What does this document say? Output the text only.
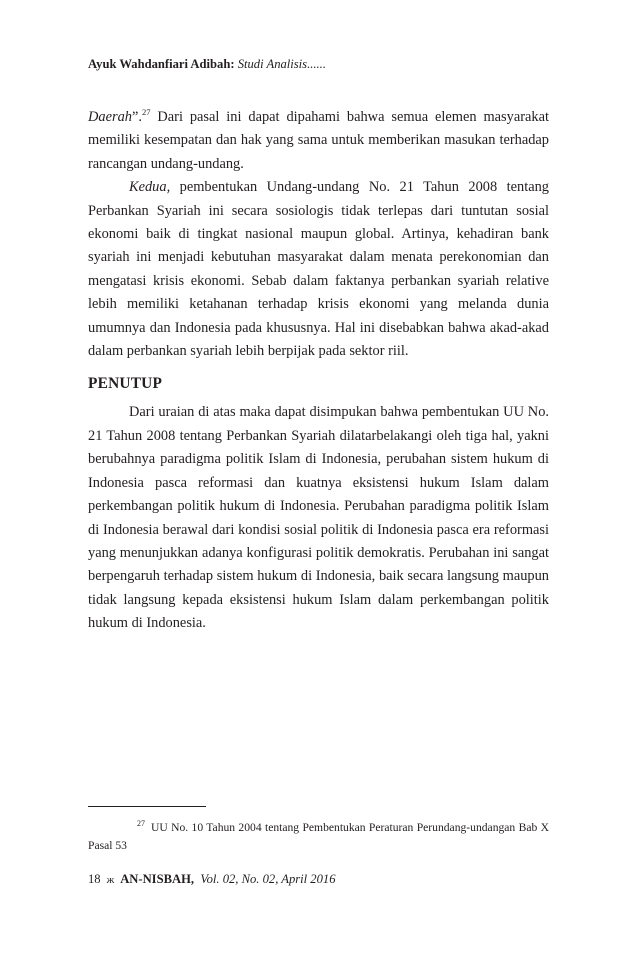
Ayuk Wahdanfiari Adibah: Studi Analisis......

Daerah”.$^{27}$ Dari pasal ini dapat dipahami bahwa semua elemen masyarakat memiliki kesempatan dan hak yang sama untuk memberikan masukan terhadap rancangan undang-undang.

Kedua, pembentukan Undang-undang No. 21 Tahun 2008 tentang Perbankan Syariah ini secara sosiologis tidak terlepas dari tuntutan sosial ekonomi baik di tingkat nasional maupun global. Artinya, kehadiran bank syariah ini menjadi kebutuhan masyarakat dalam menata perekonomian dan mengatasi krisis ekonomi. Sebab dalam faktanya perbankan syariah relative lebih memiliki ketahanan terhadap krisis ekonomi yang melanda dunia umumnya dan Indonesia pada khususnya. Hal ini disebabkan bahwa akad-akad dalam perbankan syariah lebih berpijak pada sektor riil.

PENUTUP

Dari uraian di atas maka dapat disimpukan bahwa pembentukan UU No. 21 Tahun 2008 tentang Perbankan Syariah dilatarbelakangi oleh tiga hal, yakni berubahnya paradigma politik Islam di Indonesia, perubahan sistem hukum di Indonesia pasca reformasi dan kuatnya eksistensi hukum Islam dalam perkembangan politik hukum di Indonesia. Perubahan paradigma politik Islam di Indonesia berawal dari kondisi sosial politik di Indonesia pasca era reformasi yang menunjukkan adanya konfigurasi politik demokratis. Perubahan ini sangat berpengaruh terhadap sistem hukum di Indonesia, baik secara langsung maupun tidak langsung kepada eksistensi hukum Islam dalam perkembangan politik hukum di Indonesia.

$^{27}$ UU No. 10 Tahun 2004 tentang Pembentukan Peraturan Perundang-undangan Bab X Pasal 53
18 ж AN-NISBAH, Vol. 02, No. 02, April 2016
